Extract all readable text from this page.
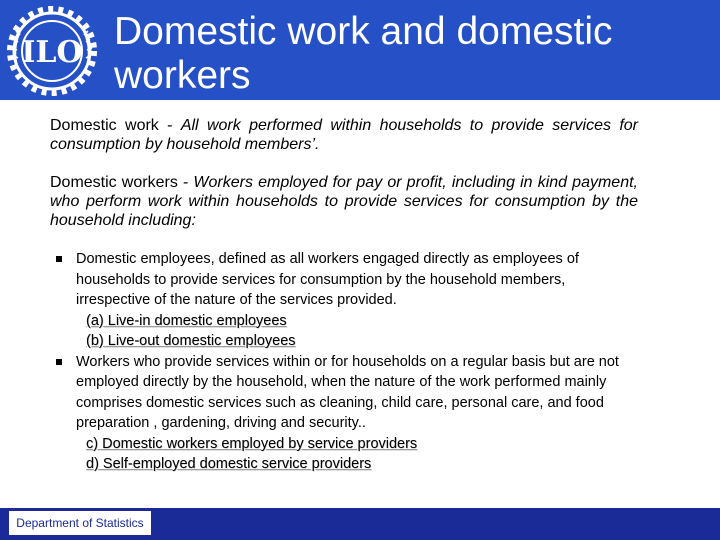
ILO Domestic work and domestic workers

Domestic work - All work performed within households to provide services for consumption by household members’.

Domestic workers - Workers employed for pay or profit, including in kind payment, who perform work within households to provide services for consumption by the household including:

Domestic employees, defined as all workers engaged directly as employees of households to provide services for consumption by the household members, irrespective of the nature of the services provided.
(a) Live-in domestic employees
(b) Live-out domestic employees
Workers who provide services within or for households on a regular basis but are not employed directly by the household, when the nature of the work performed mainly comprises domestic services such as cleaning, child care, personal care, and food preparation , gardening, driving and security..
c) Domestic workers employed by service providers
d) Self-employed domestic service providers
Department of Statistics
